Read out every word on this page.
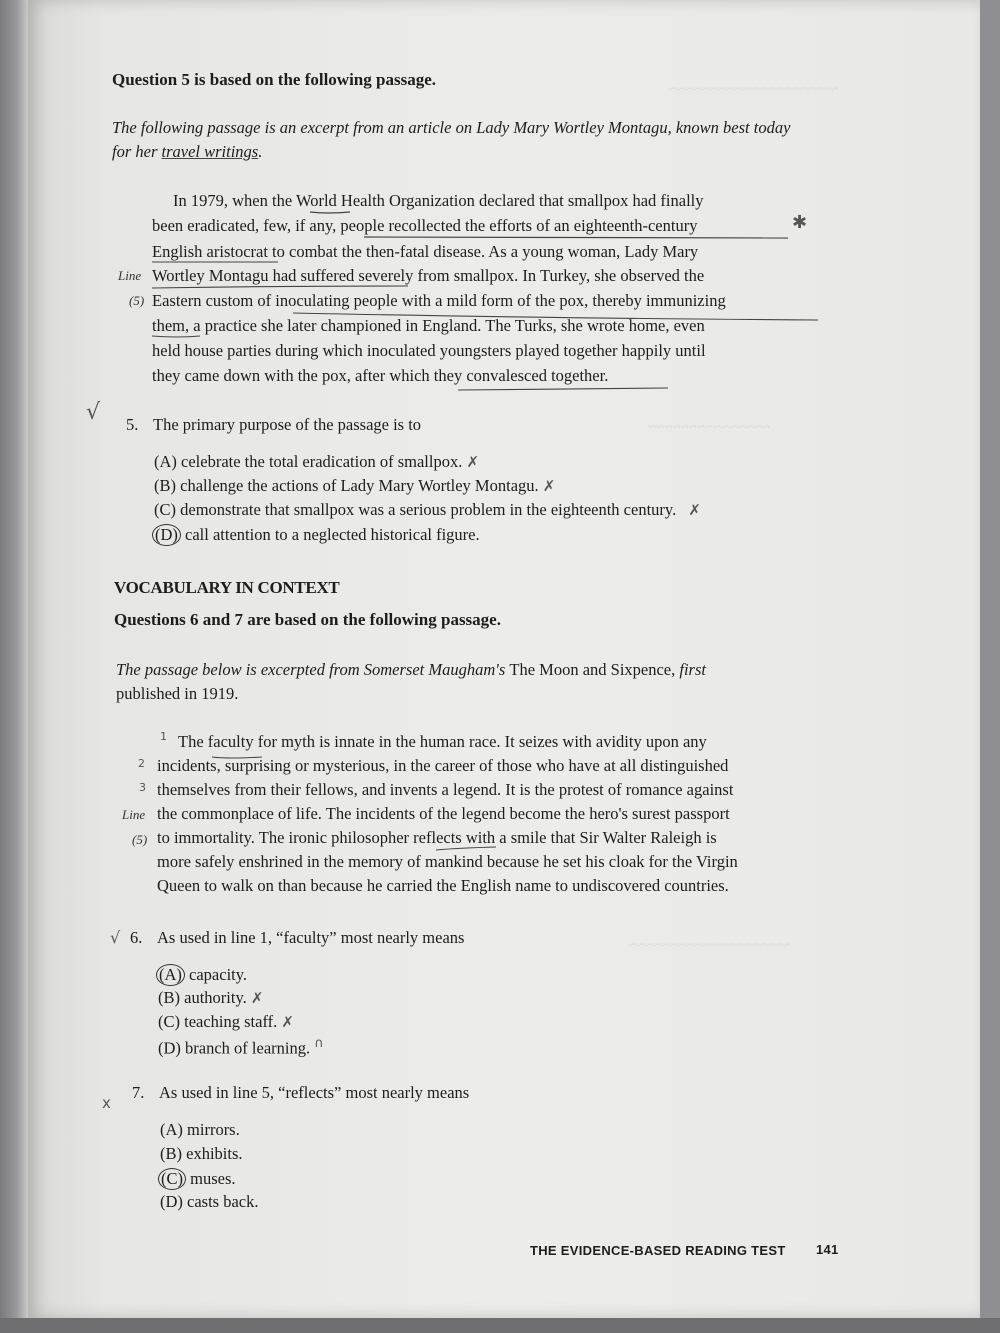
~~~~~~~~~~~~~~~~~~~~~
~~~~~~~~~~~~~~~
~~~~~~~~~~~~~~~~~~~~
Question 5 is based on the following passage.
The following passage is an excerpt from an article on Lady Mary Wortley Montagu, known best today for her travel writings.
In 1979, when the World Health Organization declared that smallpox had finally
been eradicated, few, if any, people recollected the efforts of an eighteenth-century
English aristocrat to combat the then-fatal disease. As a young woman, Lady Mary
Line Wortley Montagu had suffered severely from smallpox. In Turkey, she observed the
(5) Eastern custom of inoculating people with a mild form of the pox, thereby immunizing
them, a practice she later championed in England. The Turks, she wrote home, even
held house parties during which inoculated youngsters played together happily until
they came down with the pox, after which they convalesced together.
✱
√ 5. The primary purpose of the passage is to
(A) celebrate the total eradication of smallpox. ✗
(B) challenge the actions of Lady Mary Wortley Montagu. ✗
(C) demonstrate that smallpox was a serious problem in the eighteenth century. ✗
(D) call attention to a neglected historical figure.
VOCABULARY IN CONTEXT
Questions 6 and 7 are based on the following passage.
The passage below is excerpted from Somerset Maugham's The Moon and Sixpence, first
published in 1919.
1 The faculty for myth is innate in the human race. It seizes with avidity upon any
2 incidents, surprising or mysterious, in the career of those who have at all distinguished
3 themselves from their fellows, and invents a legend. It is the protest of romance against
Line the commonplace of life. The incidents of the legend become the hero's surest passport
(5) to immortality. The ironic philosopher reflects with a smile that Sir Walter Raleigh is
more safely enshrined in the memory of mankind because he set his cloak for the Virgin
Queen to walk on than because he carried the English name to undiscovered countries.
√ 6. As used in line 1, “faculty” most nearly means
(A) capacity.
(B) authority. ✗
(C) teaching staff. ✗
(D) branch of learning. ∩
x
7. As used in line 5, “reflects” most nearly means
(A) mirrors.
(B) exhibits.
(C) muses.
(D) casts back.
THE EVIDENCE-BASED READING TEST 141
